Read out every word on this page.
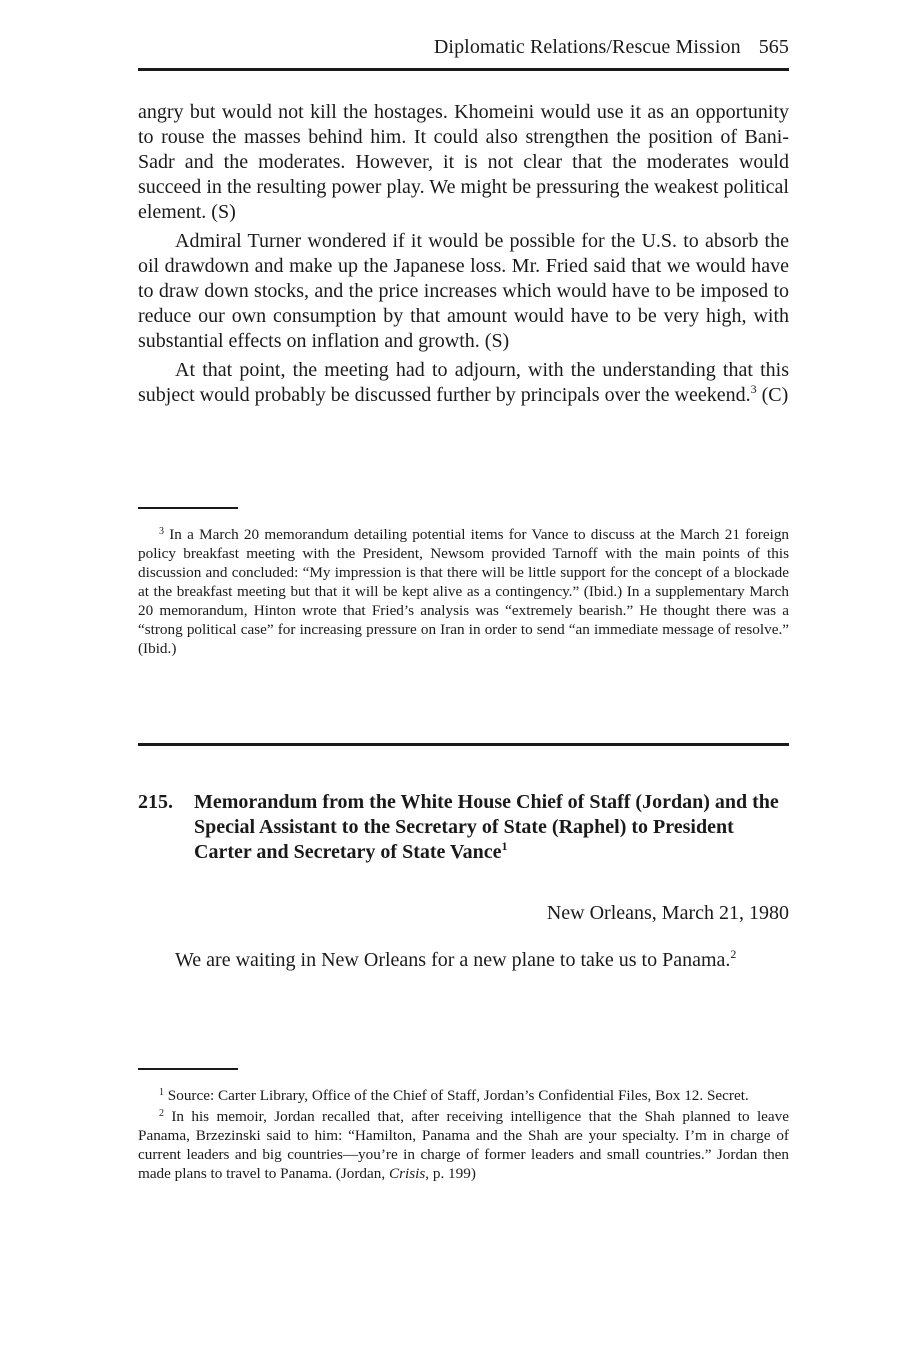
Diplomatic Relations/Rescue Mission 565

angry but would not kill the hostages. Khomeini would use it as an opportunity to rouse the masses behind him. It could also strengthen the position of Bani-Sadr and the moderates. However, it is not clear that the moderates would succeed in the resulting power play. We might be pressuring the weakest political element. (S)

Admiral Turner wondered if it would be possible for the U.S. to absorb the oil drawdown and make up the Japanese loss. Mr. Fried said that we would have to draw down stocks, and the price increases which would have to be imposed to reduce our own consumption by that amount would have to be very high, with substantial effects on inflation and growth. (S)

At that point, the meeting had to adjourn, with the understanding that this subject would probably be discussed further by principals over the weekend.$^3$ (C)

$^3$ In a March 20 memorandum detailing potential items for Vance to discuss at the March 21 foreign policy breakfast meeting with the President, Newsom provided Tarnoff with the main points of this discussion and concluded: “My impression is that there will be little support for the concept of a blockade at the breakfast meeting but that it will be kept alive as a contingency.” (Ibid.) In a supplementary March 20 memorandum, Hinton wrote that Fried’s analysis was “extremely bearish.” He thought there was a “strong political case” for increasing pressure on Iran in order to send “an immediate message of resolve.” (Ibid.)

215. Memorandum from the White House Chief of Staff (Jordan) and the Special Assistant to the Secretary of State (Raphel) to President Carter and Secretary of State Vance$^1$
New Orleans, March 21, 1980

We are waiting in New Orleans for a new plane to take us to Panama.$^2$

$^1$ Source: Carter Library, Office of the Chief of Staff, Jordan’s Confidential Files, Box 12. Secret.

$^2$ In his memoir, Jordan recalled that, after receiving intelligence that the Shah planned to leave Panama, Brzezinski said to him: “Hamilton, Panama and the Shah are your specialty. I’m in charge of current leaders and big countries—you’re in charge of former leaders and small countries.” Jordan then made plans to travel to Panama. (Jordan, Crisis, p. 199)
